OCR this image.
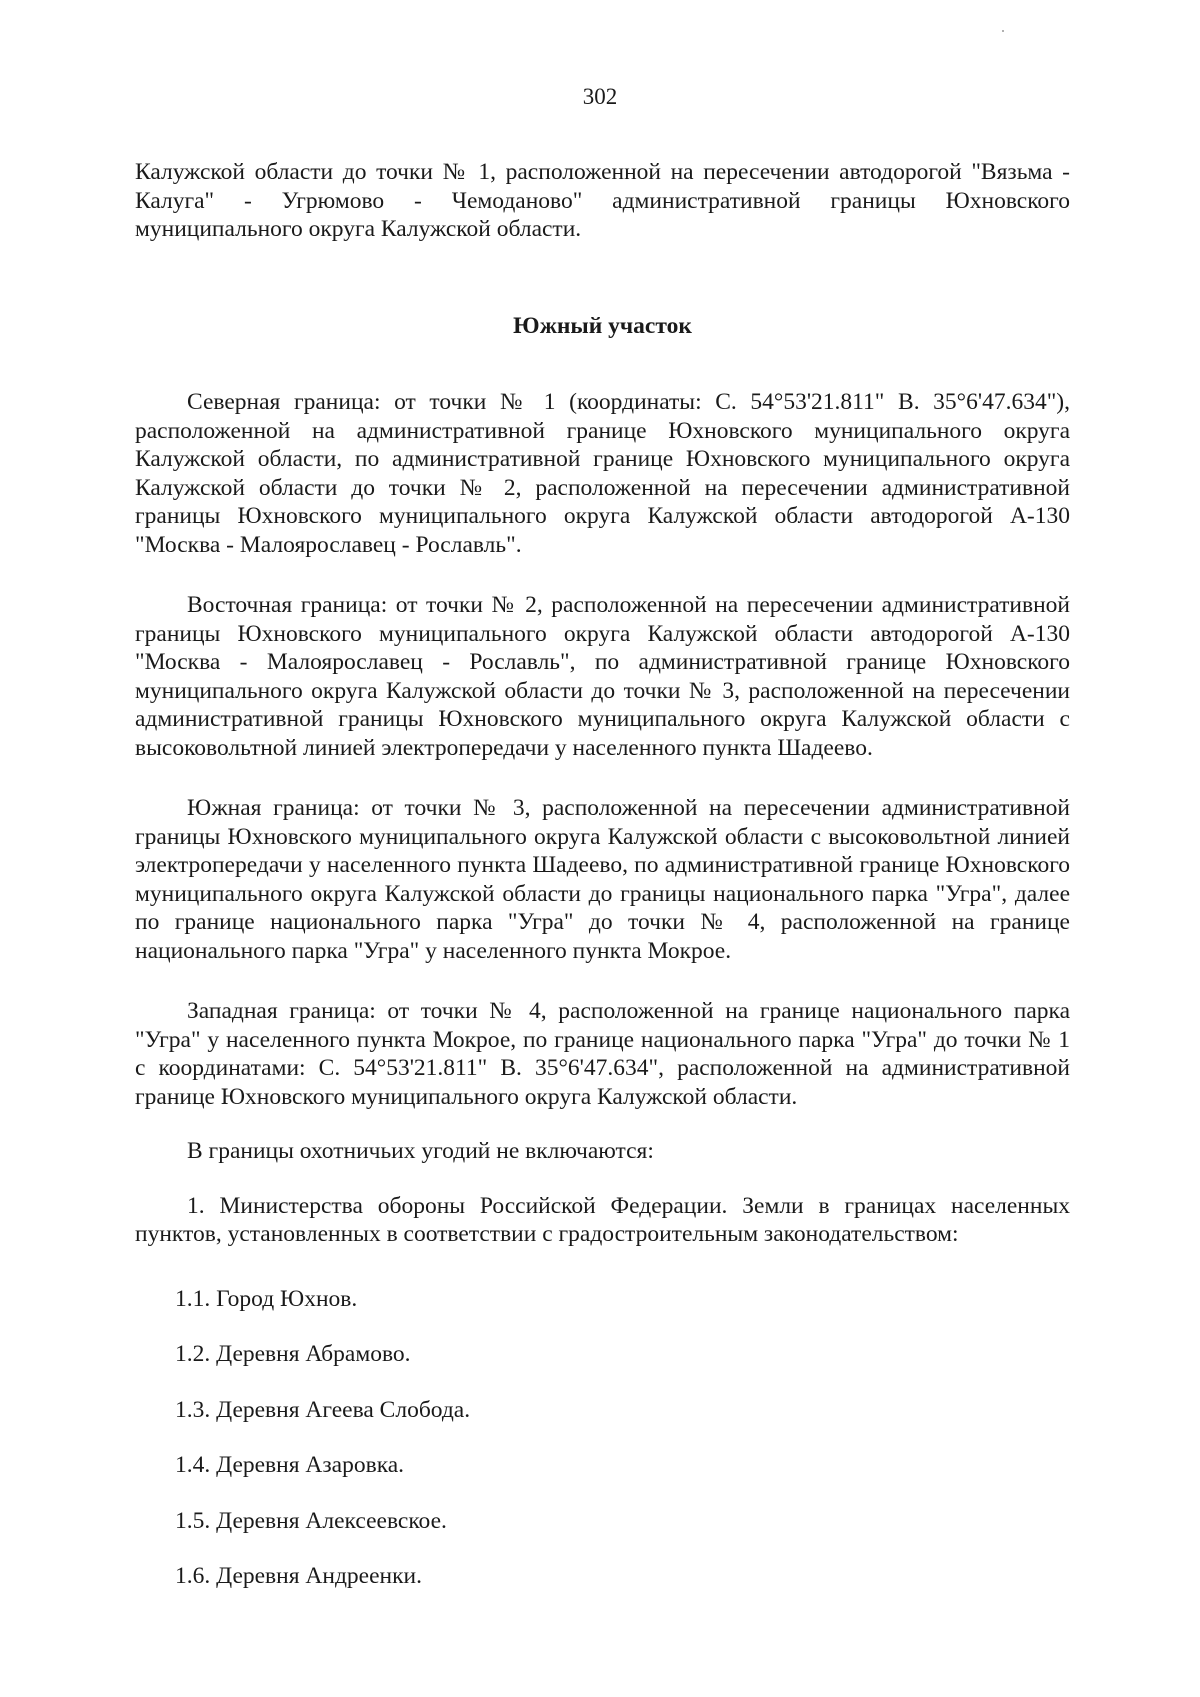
302

Калужской области до точки № 1, расположенной на пересечении автодорогой "Вязьма - Калуга" - Угрюмово - Чемоданово" административной границы Юхновского муниципального округа Калужской области.

Южный участок

Северная граница: от точки № 1 (координаты: С. 54°53'21.811" В. 35°6'47.634"), расположенной на административной границе Юхновского муниципального округа Калужской области, по административной границе Юхновского муниципального округа Калужской области до точки № 2, расположенной на пересечении административной границы Юхновского муниципального округа Калужской области автодорогой А-130 "Москва - Малоярославец - Рославль".

Восточная граница: от точки № 2, расположенной на пересечении административной границы Юхновского муниципального округа Калужской области автодорогой А-130 "Москва - Малоярославец - Рославль", по административной границе Юхновского муниципального округа Калужской области до точки № 3, расположенной на пересечении административной границы Юхновского муниципального округа Калужской области с высоковольтной линией электропередачи у населенного пункта Шадеево.

Южная граница: от точки № 3, расположенной на пересечении административной границы Юхновского муниципального округа Калужской области с высоковольтной линией электропередачи у населенного пункта Шадеево, по административной границе Юхновского муниципального округа Калужской области до границы национального парка "Угра", далее по границе национального парка "Угра" до точки № 4, расположенной на границе национального парка "Угра" у населенного пункта Мокрое.

Западная граница: от точки № 4, расположенной на границе национального парка "Угра" у населенного пункта Мокрое, по границе национального парка "Угра" до точки № 1 с координатами: С. 54°53'21.811" В. 35°6'47.634", расположенной на административной границе Юхновского муниципального округа Калужской области.

В границы охотничьих угодий не включаются:

1. Министерства обороны Российской Федерации. Земли в границах населенных пунктов, установленных в соответствии с градостроительным законодательством:

1.1. Город Юхнов.
1.2. Деревня Абрамово.
1.3. Деревня Агеева Слобода.
1.4. Деревня Азаровка.
1.5. Деревня Алексеевское.
1.6. Деревня Андреенки.
